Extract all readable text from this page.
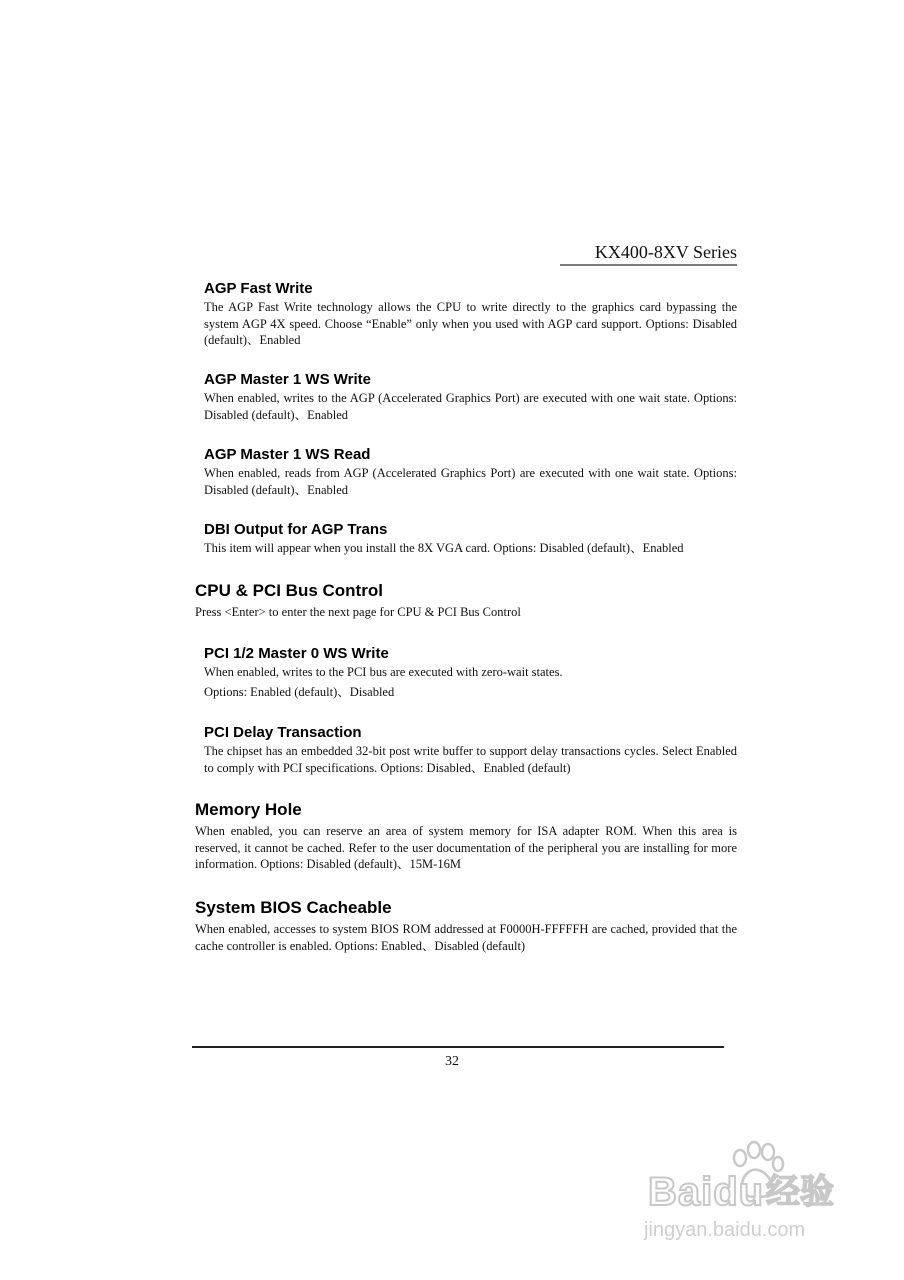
KX400-8XV Series
AGP Fast Write

The AGP Fast Write technology allows the CPU to write directly to the graphics card bypassing the system AGP 4X speed. Choose “Enable” only when you used with AGP card support. Options: Disabled (default)、Enabled

AGP Master 1 WS Write

When enabled, writes to the AGP (Accelerated Graphics Port) are executed with one wait state. Options: Disabled (default)、Enabled

AGP Master 1 WS Read

When enabled, reads from AGP (Accelerated Graphics Port) are executed with one wait state. Options: Disabled (default)、Enabled

DBI Output for AGP Trans

This item will appear when you install the 8X VGA card. Options: Disabled (default)、Enabled

CPU & PCI Bus Control

Press <Enter> to enter the next page for CPU & PCI Bus Control

PCI 1/2 Master 0 WS Write

When enabled, writes to the PCI bus are executed with zero-wait states.

Options: Enabled (default)、Disabled

PCI Delay Transaction

The chipset has an embedded 32-bit post write buffer to support delay transactions cycles. Select Enabled to comply with PCI specifications. Options: Disabled、Enabled (default)

Memory Hole

When enabled, you can reserve an area of system memory for ISA adapter ROM. When this area is reserved, it cannot be cached. Refer to the user documentation of the peripheral you are installing for more information. Options: Disabled (default)、15M-16M

System BIOS Cacheable

When enabled, accesses to system BIOS ROM addressed at F0000H-FFFFFH are cached, provided that the cache controller is enabled. Options: Enabled、Disabled (default)

32
Baidu 经验
jingyan.baidu.com
